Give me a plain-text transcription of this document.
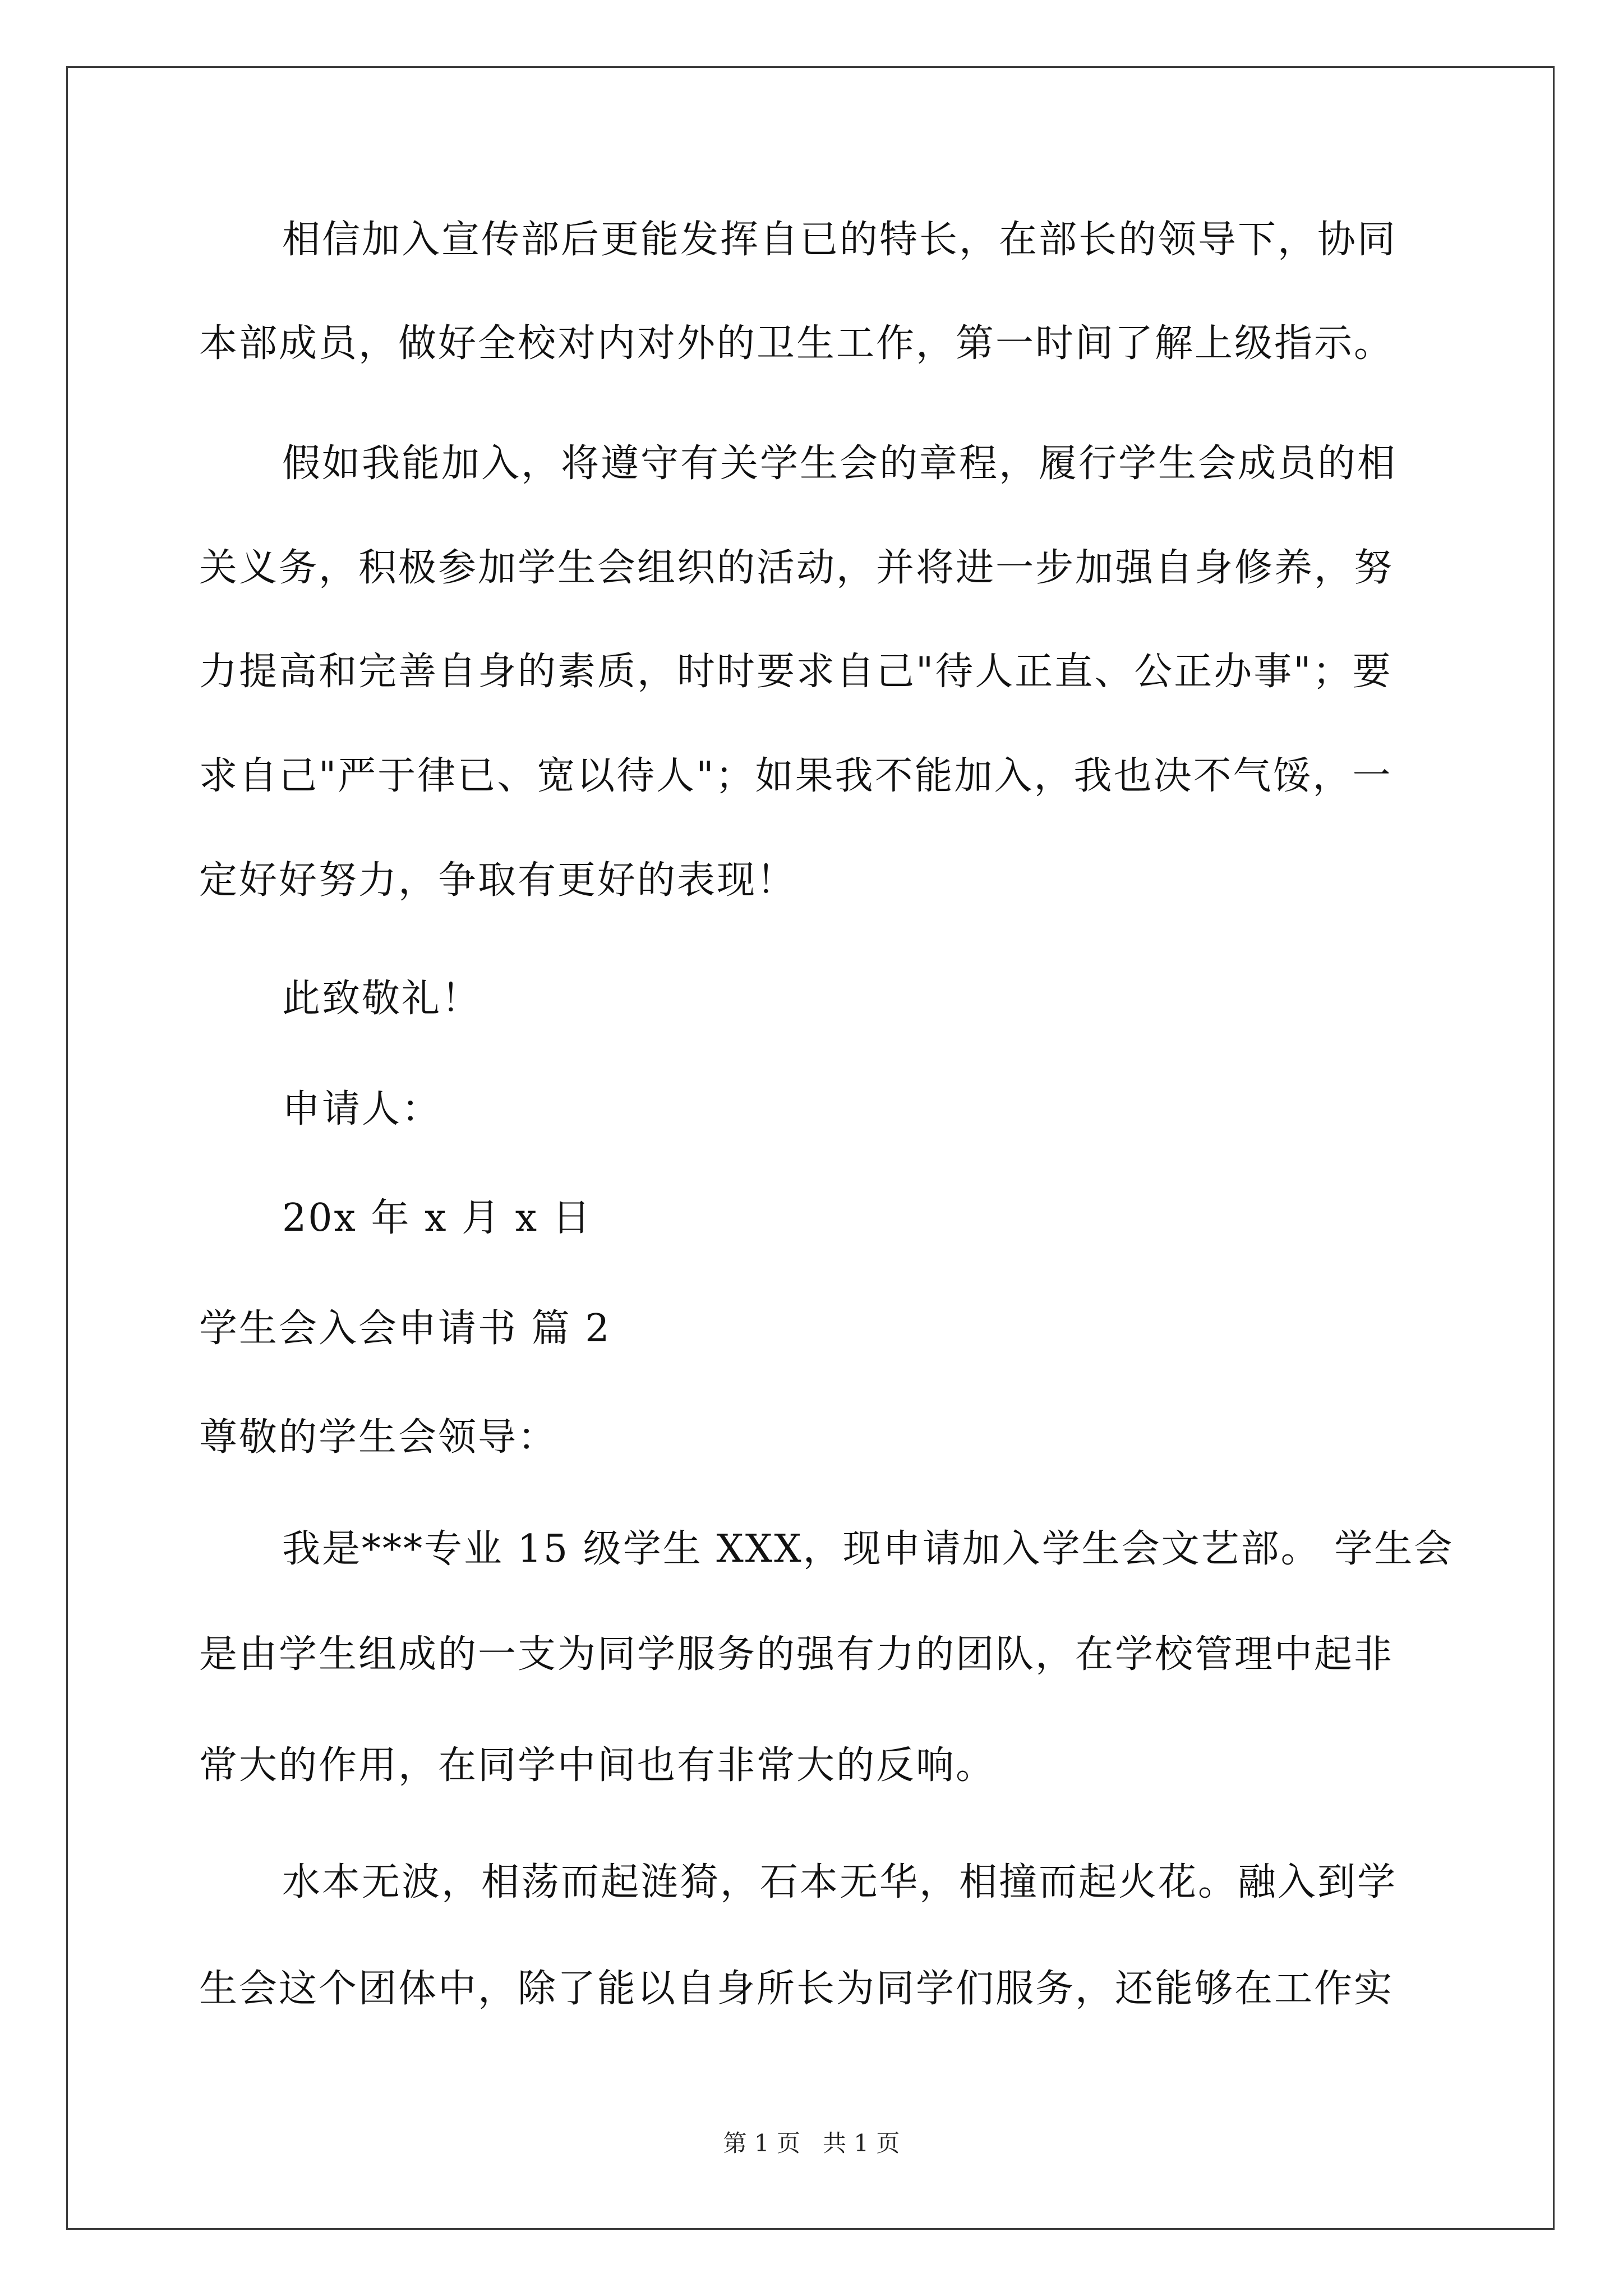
相信加入宣传部后更能发挥自已的特长，在部长的领导下，协同
本部成员，做好全校对内对外的卫生工作，第一时间了解上级指示。
假如我能加入，将遵守有关学生会的章程，履行学生会成员的相
关义务，积极参加学生会组织的活动，并将进一步加强自身修养，努
力提高和完善自身的素质，时时要求自己"待人正直、公正办事"；要
求自己"严于律已、宽以待人"；如果我不能加入，我也决不气馁，一
定好好努力，争取有更好的表现！
此致敬礼！
申请人：
20x 年 x 月 x 日
学生会入会申请书 篇 2
尊敬的学生会领导：
我是***专业 15 级学生 XXX，现申请加入学生会文艺部。 学生会
是由学生组成的一支为同学服务的强有力的团队，在学校管理中起非
常大的作用，在同学中间也有非常大的反响。
水本无波，相荡而起涟猗，石本无华，相撞而起火花。融入到学
生会这个团体中，除了能以自身所长为同学们服务，还能够在工作实
第 1 页 共 1 页
